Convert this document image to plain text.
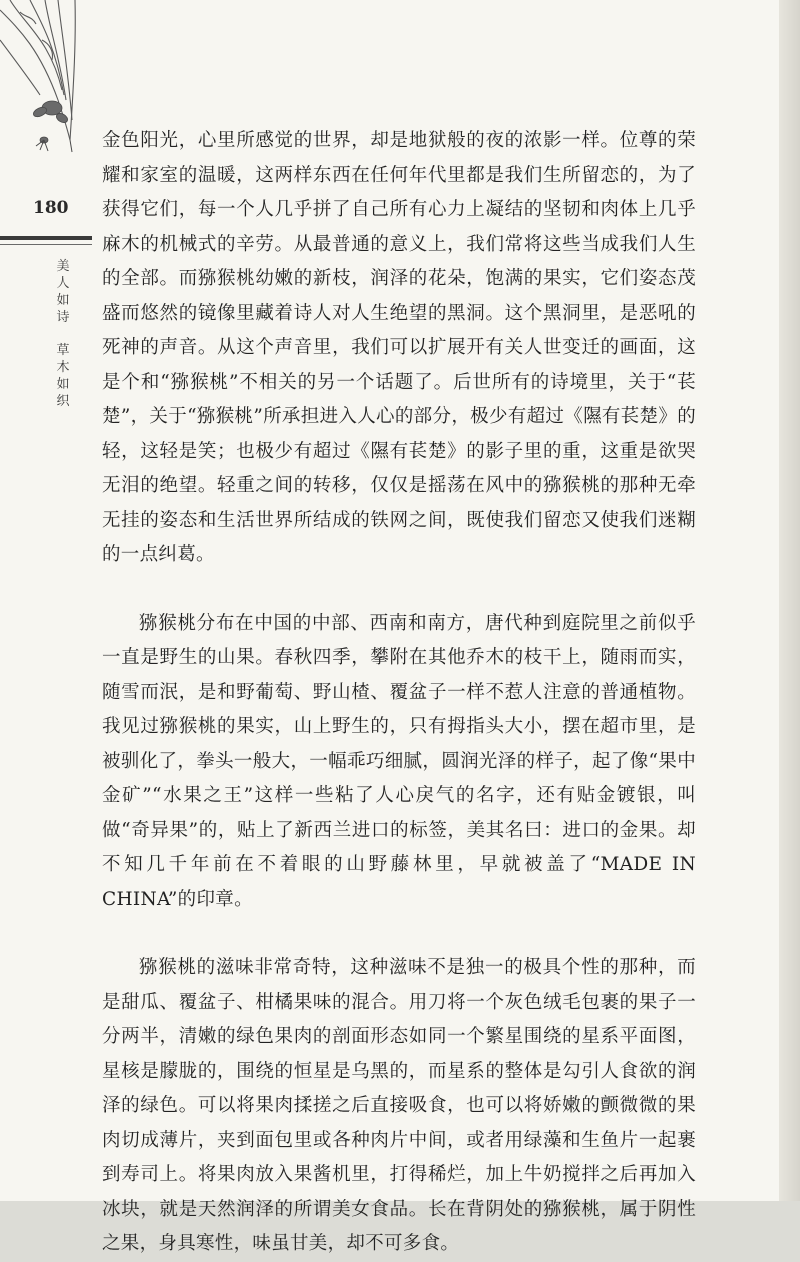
180
美
人
如
诗
草
木
如
织

金色阳光，心里所感觉的世界，却是地狱般的夜的浓影一样。位尊的荣耀和家室的温暖，这两样东西在任何年代里都是我们生所留恋的，为了获得它们，每一个人几乎拼了自己所有心力上凝结的坚韧和肉体上几乎麻木的机械式的辛劳。从最普通的意义上，我们常将这些当成我们人生的全部。而猕猴桃幼嫩的新枝，润泽的花朵，饱满的果实，它们姿态茂盛而悠然的镜像里藏着诗人对人生绝望的黑洞。这个黑洞里，是恶吼的死神的声音。从这个声音里，我们可以扩展开有关人世变迁的画面，这是个和“猕猴桃”不相关的另一个话题了。后世所有的诗境里，关于“苌楚”，关于“猕猴桃”所承担进入人心的部分，极少有超过《隰有苌楚》的轻，这轻是笑；也极少有超过《隰有苌楚》的影子里的重，这重是欲哭无泪的绝望。轻重之间的转移，仅仅是摇荡在风中的猕猴桃的那种无牵无挂的姿态和生活世界所结成的铁网之间，既使我们留恋又使我们迷糊的一点纠葛。

猕猴桃分布在中国的中部、西南和南方，唐代种到庭院里之前似乎一直是野生的山果。春秋四季，攀附在其他乔木的枝干上，随雨而实，随雪而泯，是和野葡萄、野山楂、覆盆子一样不惹人注意的普通植物。我见过猕猴桃的果实，山上野生的，只有拇指头大小，摆在超市里，是被驯化了，拳头一般大，一幅乖巧细腻，圆润光泽的样子，起了像“果中金矿”“水果之王”这样一些粘了人心戾气的名字，还有贴金镀银，叫做“奇异果”的，贴上了新西兰进口的标签，美其名曰：进口的金果。却不知几千年前在不着眼的山野藤林里，早就被盖了“MADE IN CHINA”的印章。

猕猴桃的滋味非常奇特，这种滋味不是独一的极具个性的那种，而是甜瓜、覆盆子、柑橘果味的混合。用刀将一个灰色绒毛包裹的果子一分两半，清嫩的绿色果肉的剖面形态如同一个繁星围绕的星系平面图，星核是朦胧的，围绕的恒星是乌黑的，而星系的整体是勾引人食欲的润泽的绿色。可以将果肉揉搓之后直接吸食，也可以将娇嫩的颤微微的果肉切成薄片，夹到面包里或各种肉片中间，或者用绿藻和生鱼片一起裹到寿司上。将果肉放入果酱机里，打得稀烂，加上牛奶搅拌之后再加入冰块，就是天然润泽的所谓美女食品。长在背阴处的猕猴桃，属于阴性之果，身具寒性，味虽甘美，却不可多食。
